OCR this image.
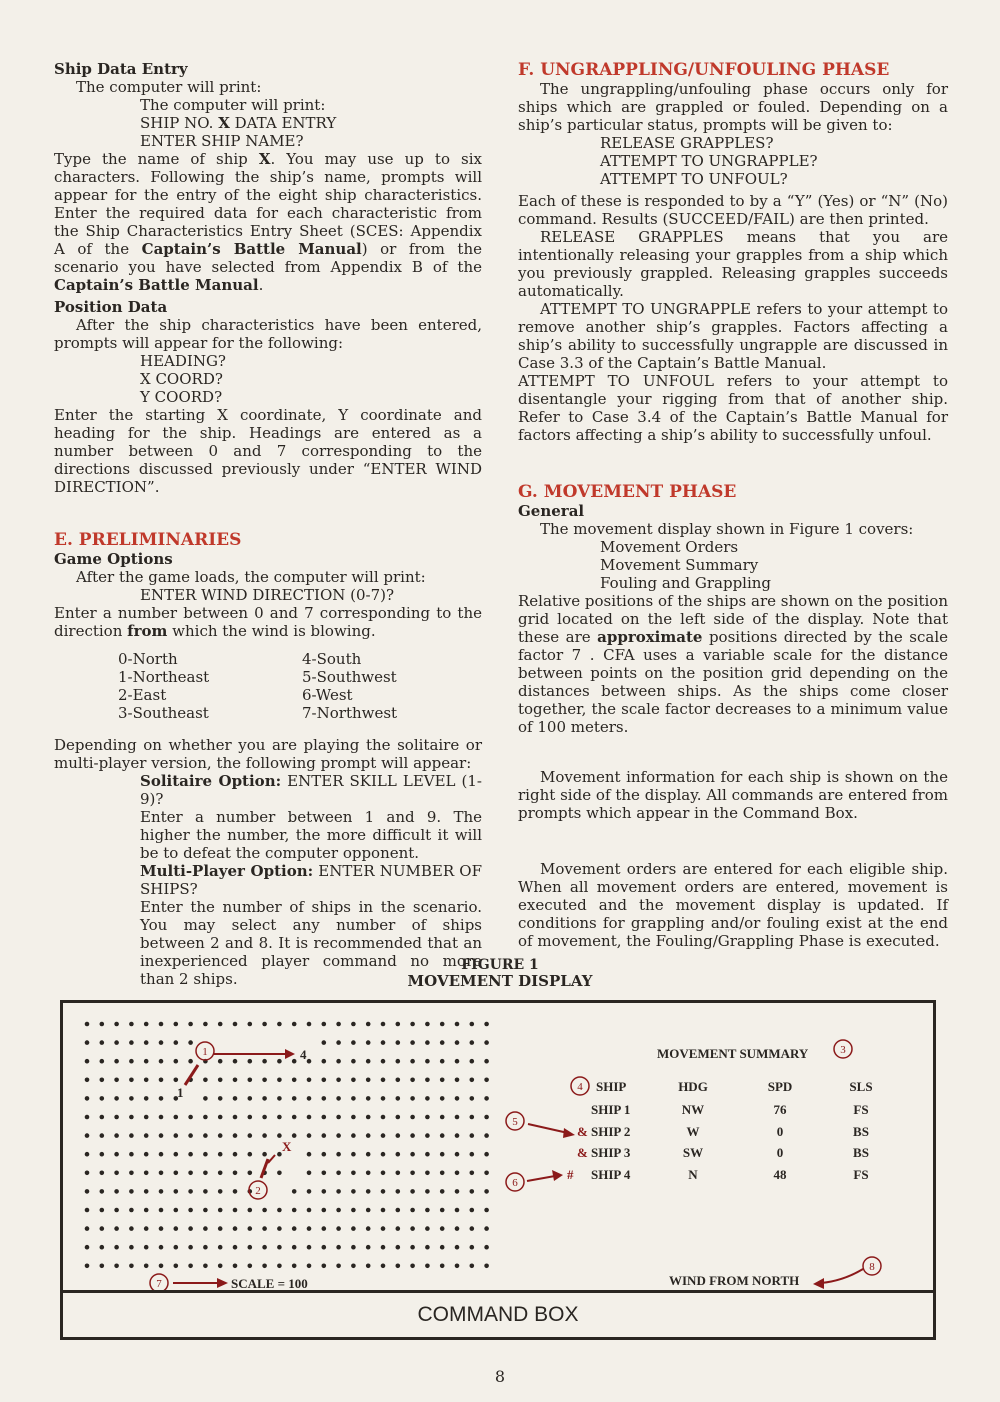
Ship Data Entry

The computer will print:

The computer will print:

SHIP NO. X DATA ENTRY

ENTER SHIP NAME?

Type the name of ship X. You may use up to six characters. Following the ship’s name, prompts will appear for the entry of the eight ship characteristics. Enter the required data for each characteristic from the Ship Characteristics Entry Sheet (SCES: Appendix A of the Captain’s Battle Manual) or from the scenario you have selected from Appendix B of the Captain’s Battle Manual.

Position Data

After the ship characteristics have been entered, prompts will appear for the following:

HEADING?

X COORD?

Y COORD?

Enter the starting X coordinate, Y coordinate and heading for the ship. Headings are entered as a number between 0 and 7 corresponding to the directions discussed previously under “ENTER WIND DIRECTION”.

E. PRELIMINARIES

Game Options

After the game loads, the computer will print:

ENTER WIND DIRECTION (0-7)?

Enter a number between 0 and 7 corresponding to the direction from which the wind is blowing.

0-North	4-South
1-Northeast	5-Southwest
2-East	6-West
3-Southeast	7-Northwest

Depending on whether you are playing the solitaire or multi-player version, the following prompt will appear:

Solitaire Option: ENTER SKILL LEVEL (1-9)?

Enter a number between 1 and 9. The higher the number, the more difficult it will be to defeat the computer opponent.

Multi-Player Option: ENTER NUMBER OF SHIPS?

Enter the number of ships in the scenario. You may select any number of ships between 2 and 8. It is recommended that an inexperienced player command no more than 2 ships.

F. UNGRAPPLING/UNFOULING PHASE

The ungrappling/unfouling phase occurs only for ships which are grappled or fouled. Depending on a ship’s particular status, prompts will be given to:

RELEASE GRAPPLES?

ATTEMPT TO UNGRAPPLE?

ATTEMPT TO UNFOUL?

Each of these is responded to by a “Y” (Yes) or “N” (No) command. Results (SUCCEED/FAIL) are then printed.

RELEASE GRAPPLES means that you are intentionally releasing your grapples from a ship which you previously grappled. Releasing grapples succeeds automatically.

ATTEMPT TO UNGRAPPLE refers to your attempt to remove another ship’s grapples. Factors affecting a ship’s ability to successfully ungrapple are discussed in Case 3.3 of the Captain’s Battle Manual.

ATTEMPT TO UNFOUL refers to your attempt to disentangle your rigging from that of another ship. Refer to Case 3.4 of the Captain’s Battle Manual for factors affecting a ship’s ability to successfully unfoul.

G. MOVEMENT PHASE

General

The movement display shown in Figure 1 covers:

Movement Orders

Movement Summary

Fouling and Grappling

Relative positions of the ships are shown on the position grid located on the left side of the display. Note that these are approximate positions directed by the scale factor 7 . CFA uses a variable scale for the distance between points on the position grid depending on the distances between ships. As the ships come closer together, the scale factor decreases to a minimum value of 100 meters.

Movement information for each ship is shown on the right side of the display. All commands are entered from prompts which appear in the Command Box.

Movement orders are entered for each eligible ship. When all movement orders are entered, movement is executed and the movement display is updated. If conditions for grappling and/or fouling exist at the end of movement, the Fouling/Grappling Phase is executed.

FIGURE 1
MOVEMENT DISPLAY
1
2
3
4
5
6
7
8
4
1
X
SCALE = 100	WIND FROM NORTH
MOVEMENT SUMMARY
SHIP	HDG	SPD	SLS
SHIP 1	NW	76	FS
& SHIP 2	W	0	BS
& SHIP 3	SW	0	BS
# SHIP 4	N	48	FS
COMMAND BOX
8
